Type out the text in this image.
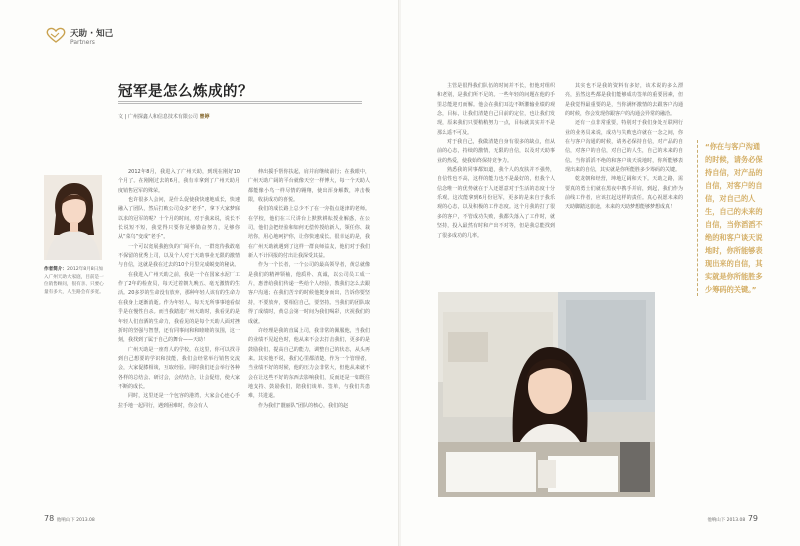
天助 · 知己
Partners
冠军是怎么炼成的？
文 | 广州探鑫人和信息技术有限公司 曾婷
作者简介：2012年8月8日加入广州天助大家庭，目前是一位销售顾问，很有亲、只要心量有多大，人生路会有多宽。

2012年8月，我进入了广州天助，到现在刚好10个月了。在刚刚过去的6月，我有幸拿到了广州天助月度销售冠军的殊荣。

也许很多人会问，是什么促使我快速地成长，快速融入了团队，然后打败公司众多“老手”，拿下大家梦寐以求的冠军的呢？十个月的时间，对于我来说，说长不长说短不短，我觉得只要你足够勤奋努力，足够你从“菜鸟”变成“老手”。

一个可以宽展我抱负的广阔平台，一群宽待我敢毫不保留的优秀上司，以及个人对于天助事业无限的激情与自信，这就是我在过去的10个月里完成蜕变的秘诀。

在我进入广州天助之前，我是一个在国家水泥厂工作了2年的检查员，每天过着朝九晚五、毫无激情的生活。20多岁的生命没有放弃，那种年轻人该有的生命力在我身上逐渐消逝。作为年轻人，每天无所事事地看似乎是在慢性自杀。而当我踏进广州天助时，我看见的是年轻人们直洒的生命力，我看见的是每个天助人面对挫折时的坚强与智慧，还有同事间和和睦睦的氛围，这一刻，我找到了属于自己的舞台——天助！

广州天助是一座育人的学校，在这里，你可以找寻到自己想要的学识和技能，我们会经常举行销售交流会，大家促膝相谈，互取经验。同时我们还会举行各种各样的总结会、研讨会，会结结合，让会促结，使大家不断的成长。

同时，这里还是一个包容的港湾，大家会心连心手拉手地一起同行，遇到困难时，你会有人

伸出援手帮你扶起，肩并肩继续前行；在我眼中，广州天助广阔的平台就像天空一样博大，每一个天助人都能像小鸟一样尽情的翱翔，使出浑身解数，冲击极限，收获成功的喜悦。

我们的成长路上总少不了在一旁指点迷津的老师。在学校，他们在三尺讲台上默默耕耘授业解惑，在公司，他们会把经验和如何无偿传授给新人，领任你、栽培你，用心地呵护你，让你快速成长。很幸运的是，我在广州天助就遇到了这样一群良师益友，他们对于我们新人不计回报的付出让我深受其益。

作为一个长者，一个公司的最高领导者，黄总就像是我们的精神领袖，他质朴、真诚，以公司员工成一片，惠普给我们传递一些给个人经验，教我们怎么去跟客户沟通；在我们苦辛的时候他挺身而出，告诉你要坚持，不要放弃，要相信自己，要坚持。当我们的团队取得了成绩时，黄总会第一时间为我们喝彩，庆祝我们的成就。

许经理是我的直属上司，我非常的佩服他，当我们的业绩不见起色时，他从来不会去打击我们，更多的是鼓励我们，提高自己的能力，调整自己的状态，从头再来。其实他不说，我们心里都清楚，作为一个管理者，当业绩不好的时候，他的压力会非常大，但他从来就不会在让这些不好的东西去影响我们，反而还是一如既往地支持、鼓励我们，陪我们谈单、签单，与我们共患难，共进退。

作为我们“靓丽队”团队的核心，我们的赵

78 他响山下 2013.08

主管是很得我们队伍的时间并不长，但他对组织和老别，是我们所不足的。一些年轻的问题在他的手里总能迎刃而解。他会在我们耳边不断灌输业绩的观念，目标，让我们清楚自己目前的定位，也让我们发现，原来我们只要稍稍努力一点，目标就其实并不是那么遥不可及。

对于我自己，我做清楚自身有很多的缺点，但从前的心态，持续的激情，无限的自信，以及对天助事业的热爱，使我始终保持竞争力。

熟悉我的同事都知道，我个人的皮肤并不强势，自信性也不高，这样的能力也不是最好的，但我个人信念唯一的优势就在于人还愿意对于生活的态度十分乐观。这次能拿到6月份冠军，更多的是来自于我乐观的心态，以及积极的工作态度。这个月我的打了很多的客户，不管成功失败，我都失落入了工作时，就坚持，投入最然有时和产出不对等，但是我总能找到了很多成功的几率。

其实也不是我的资料有多好，该术说的多么漂亮，虽然这些都是我们能够成功签单的重要因素，但是我觉得最重要的是，当你满怀激情的去跟客户沟通的时候，你会发现你跟客户的沟通会异常的融洽。

还有一点非常重要，特别对于我们身处互联网行业的业务员来说，成功与失败也许就在一念之间，你在与客户沟通的时候，请务必保持自信，对产品的自信，对客户的自信，对自己的人生，自己的未来的自信。当你滔滔不绝的和客户谈天说地时，你所能够表现出来的自信，其实就是你所能胜多少筹码的关键。

乾龙朝和经营，坤地辽阔和天下。天助之路，需要真的勇士们就在黑夜中携手并肩，到起，我们作为前线工作者，应该扛起这样的责任。真心祝愿未来的天助脚踏这旅途，未来的天助梦想能够梦想成真！

“你在与客户沟通的时候，请务必保持自信，对产品的自信，对客户的自信，对自己的人生，自己的未来的自信，当你滔滔不绝的和客户谈天说地时，你所能够表现出来的自信，其实就是你所能胜多少筹码的关键。”
他响山下 2013.08 79
